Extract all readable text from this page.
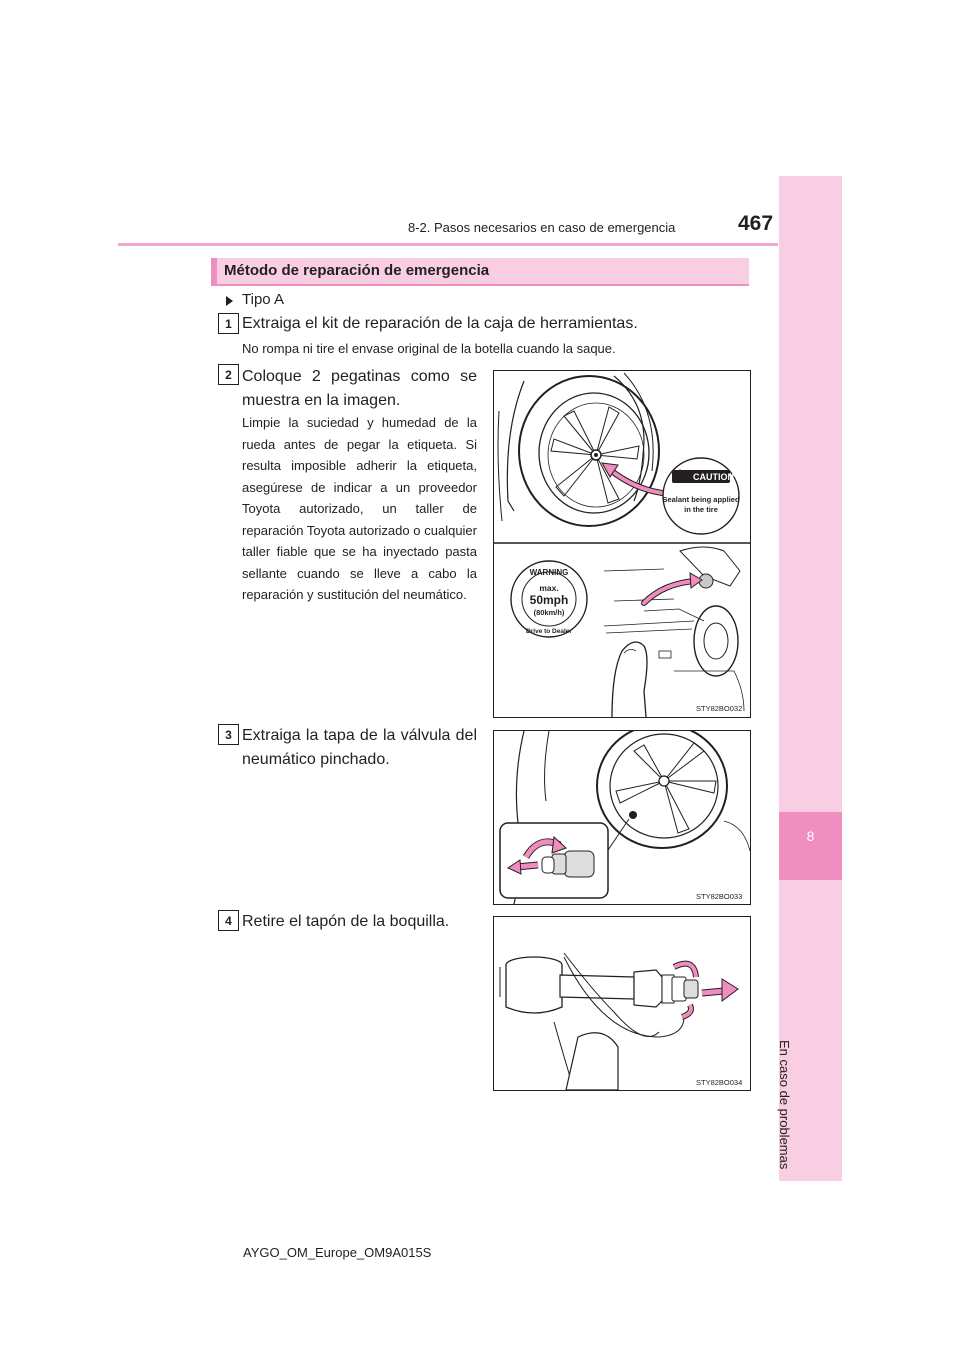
8-2. Pasos necesarios en caso de emergencia	467
8
En caso de problemas
Método de reparación de emergencia
Tipo A
1 Extraiga el kit de reparación de la caja de herramientas.
No rompa ni tire el envase original de la botella cuando la saque.
2 Coloque 2 pegatinas como se muestra en la imagen.
Limpie la suciedad y humedad de la rueda antes de pegar la etiqueta. Si resulta imposible adherir la etiqueta, asegúrese de indicar a un proveedor Toyota autorizado, un taller de reparación Toyota autorizado o cualquier taller fiable que se ha inyectado pasta sellante cuando se lleve a cabo la reparación y sustitución del neumático.
CAUTION
Sealant being applied
in the tire
WARNING
max.
50mph
(80km/h)
Drive to Dealer
STY82BO032
3 Extraiga la tapa de la válvula del neumático pinchado.
STY82BO033
4 Retire el tapón de la boquilla.
STY82BO034
AYGO_OM_Europe_OM9A015S
